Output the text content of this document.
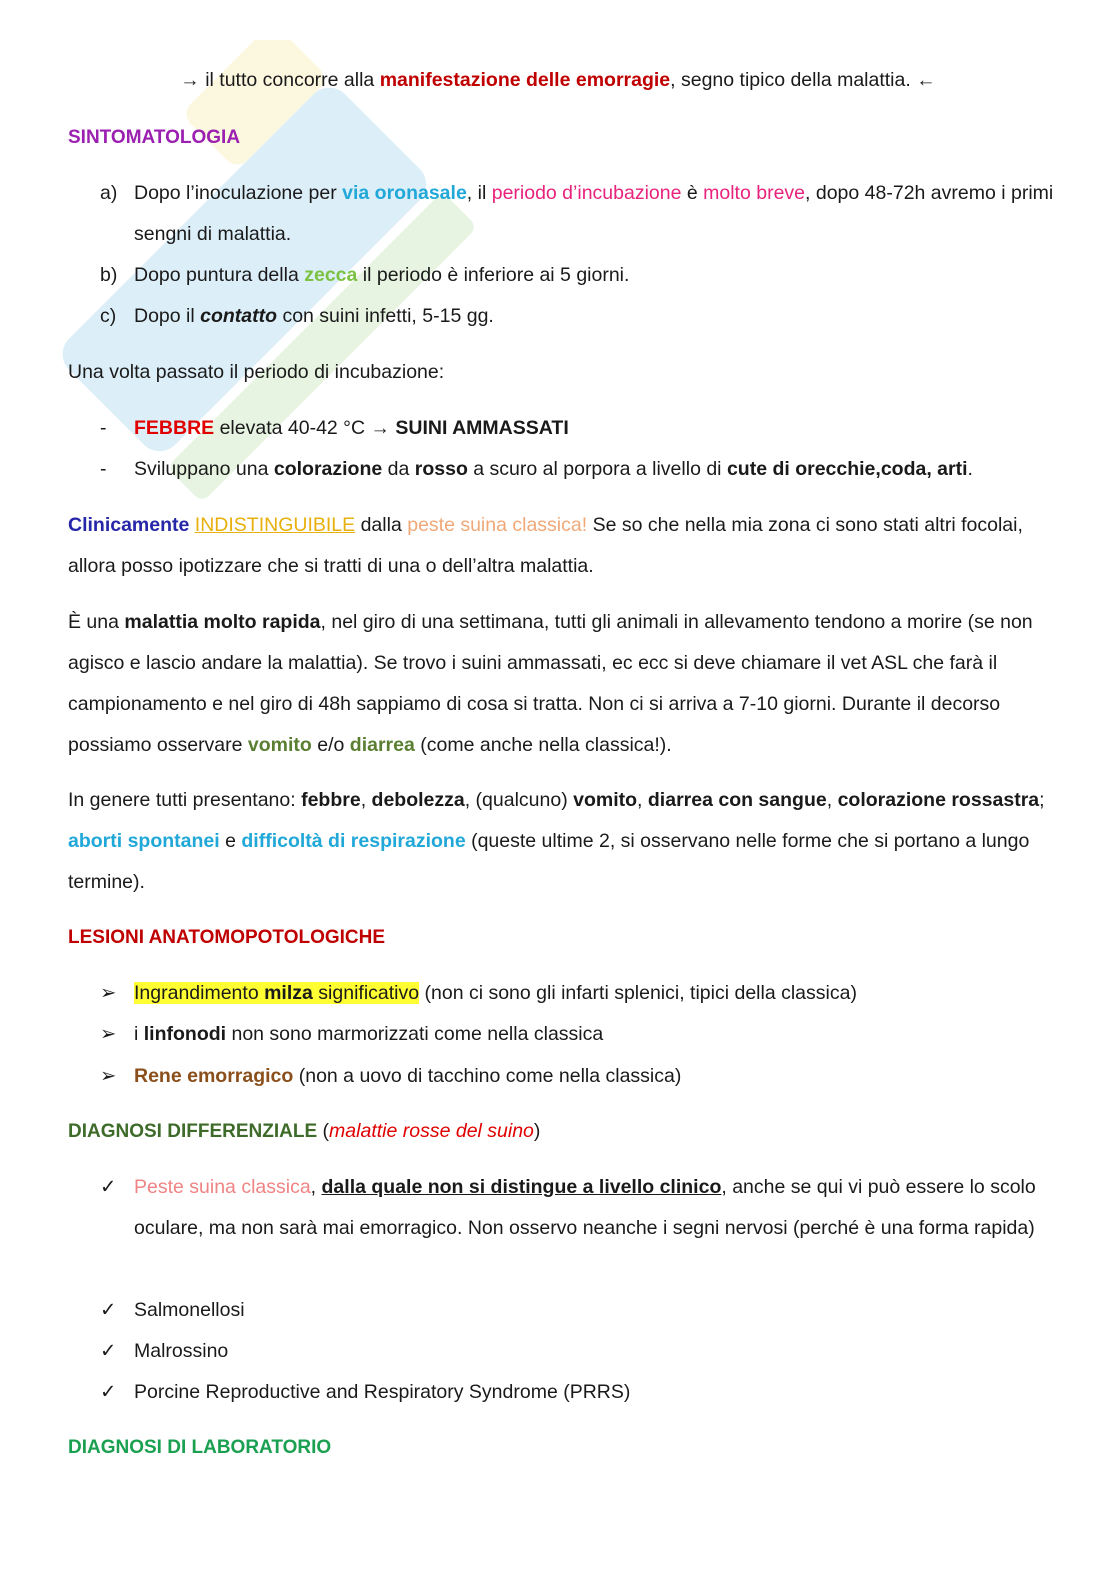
→ il tutto concorre alla manifestazione delle emorragie, segno tipico della malattia. ←

SINTOMATOLOGIA

a) Dopo l’inoculazione per via oronasale, il periodo d’incubazione è molto breve, dopo 48-72h avremo i primi sengni di malattia.
b) Dopo puntura della zecca il periodo è inferiore ai 5 giorni.
c) Dopo il contatto con suini infetti, 5-15 gg.

Una volta passato il periodo di incubazione:

-	FEBBRE elevata 40-42 °C → SUINI AMMASSATI
-	Sviluppano una colorazione da rosso a scuro al porpora a livello di cute di orecchie,coda, arti.

Clinicamente INDISTINGUIBILE dalla peste suina classica! Se so che nella mia zona ci sono stati altri focolai, allora posso ipotizzare che si tratti di una o dell’altra malattia.

È una malattia molto rapida, nel giro di una settimana, tutti gli animali in allevamento tendono a morire (se non agisco e lascio andare la malattia). Se trovo i suini ammassati, ec ecc si deve chiamare il vet ASL che farà il campionamento e nel giro di 48h sappiamo di cosa si tratta. Non ci si arriva a 7-10 giorni. Durante il decorso possiamo osservare vomito e/o diarrea (come anche nella classica!).

In genere tutti presentano: febbre, debolezza, (qualcuno) vomito, diarrea con sangue, colorazione rossastra; aborti spontanei e difficoltà di respirazione (queste ultime 2, si osservano nelle forme che si portano a lungo termine).

LESIONI ANATOMOPOTOLOGICHE

➢ Ingrandimento milza significativo (non ci sono gli infarti splenici, tipici della classica)
➢ i linfonodi non sono marmorizzati come nella classica
➢ Rene emorragico (non a uovo di tacchino come nella classica)

DIAGNOSI DIFFERENZIALE (malattie rosse del suino)

✓ Peste suina classica, dalla quale non si distingue a livello clinico, anche se qui vi può essere lo scolo oculare, ma non sarà mai emorragico. Non osservo neanche i segni nervosi (perché è una forma rapida)
✓ Salmonellosi
✓ Malrossino
✓ Porcine Reproductive and Respiratory Syndrome (PRRS)

DIAGNOSI DI LABORATORIO
